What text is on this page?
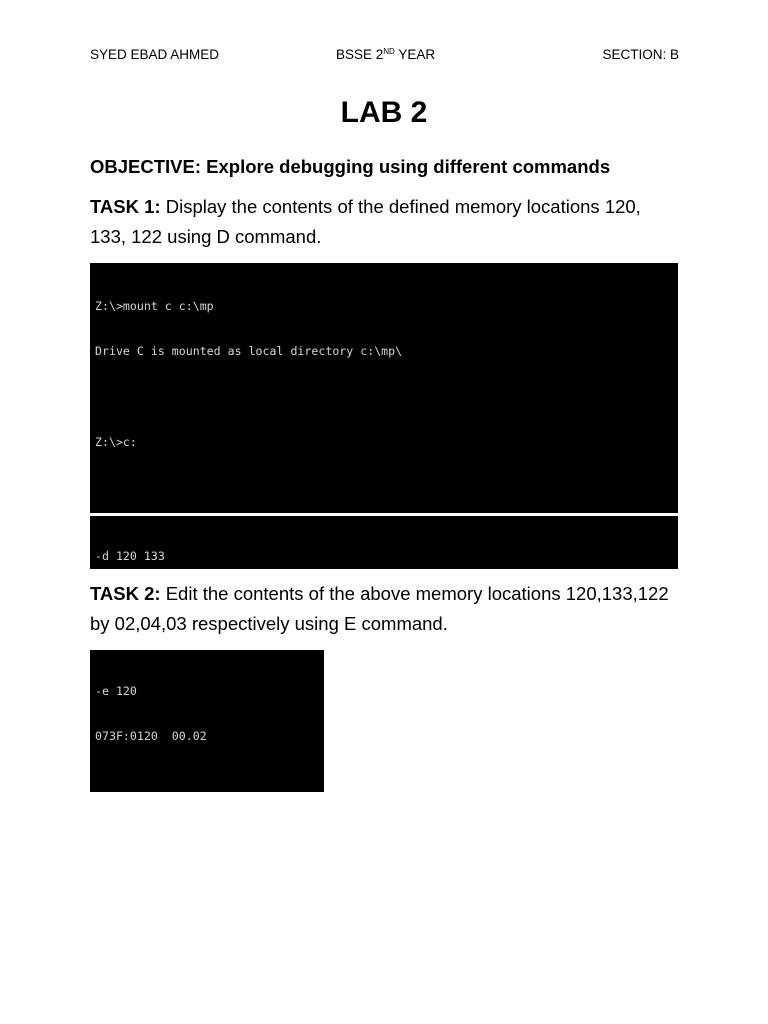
SYED EBAD AHMED	BSSE 2ND YEAR	SECTION: B
LAB 2
OBJECTIVE: Explore debugging using different commands
TASK 1: Display the contents of the defined memory locations 120, 133, 122 using D command.

Z:\>mount c c:\mp

Drive C is mounted as local directory c:\mp\

Z:\>c:

-d 120 133

TASK 2: Edit the contents of the above memory locations 120,133,122 by 02,04,03 respectively using E command.

-e 120

073F:0120  00.02
